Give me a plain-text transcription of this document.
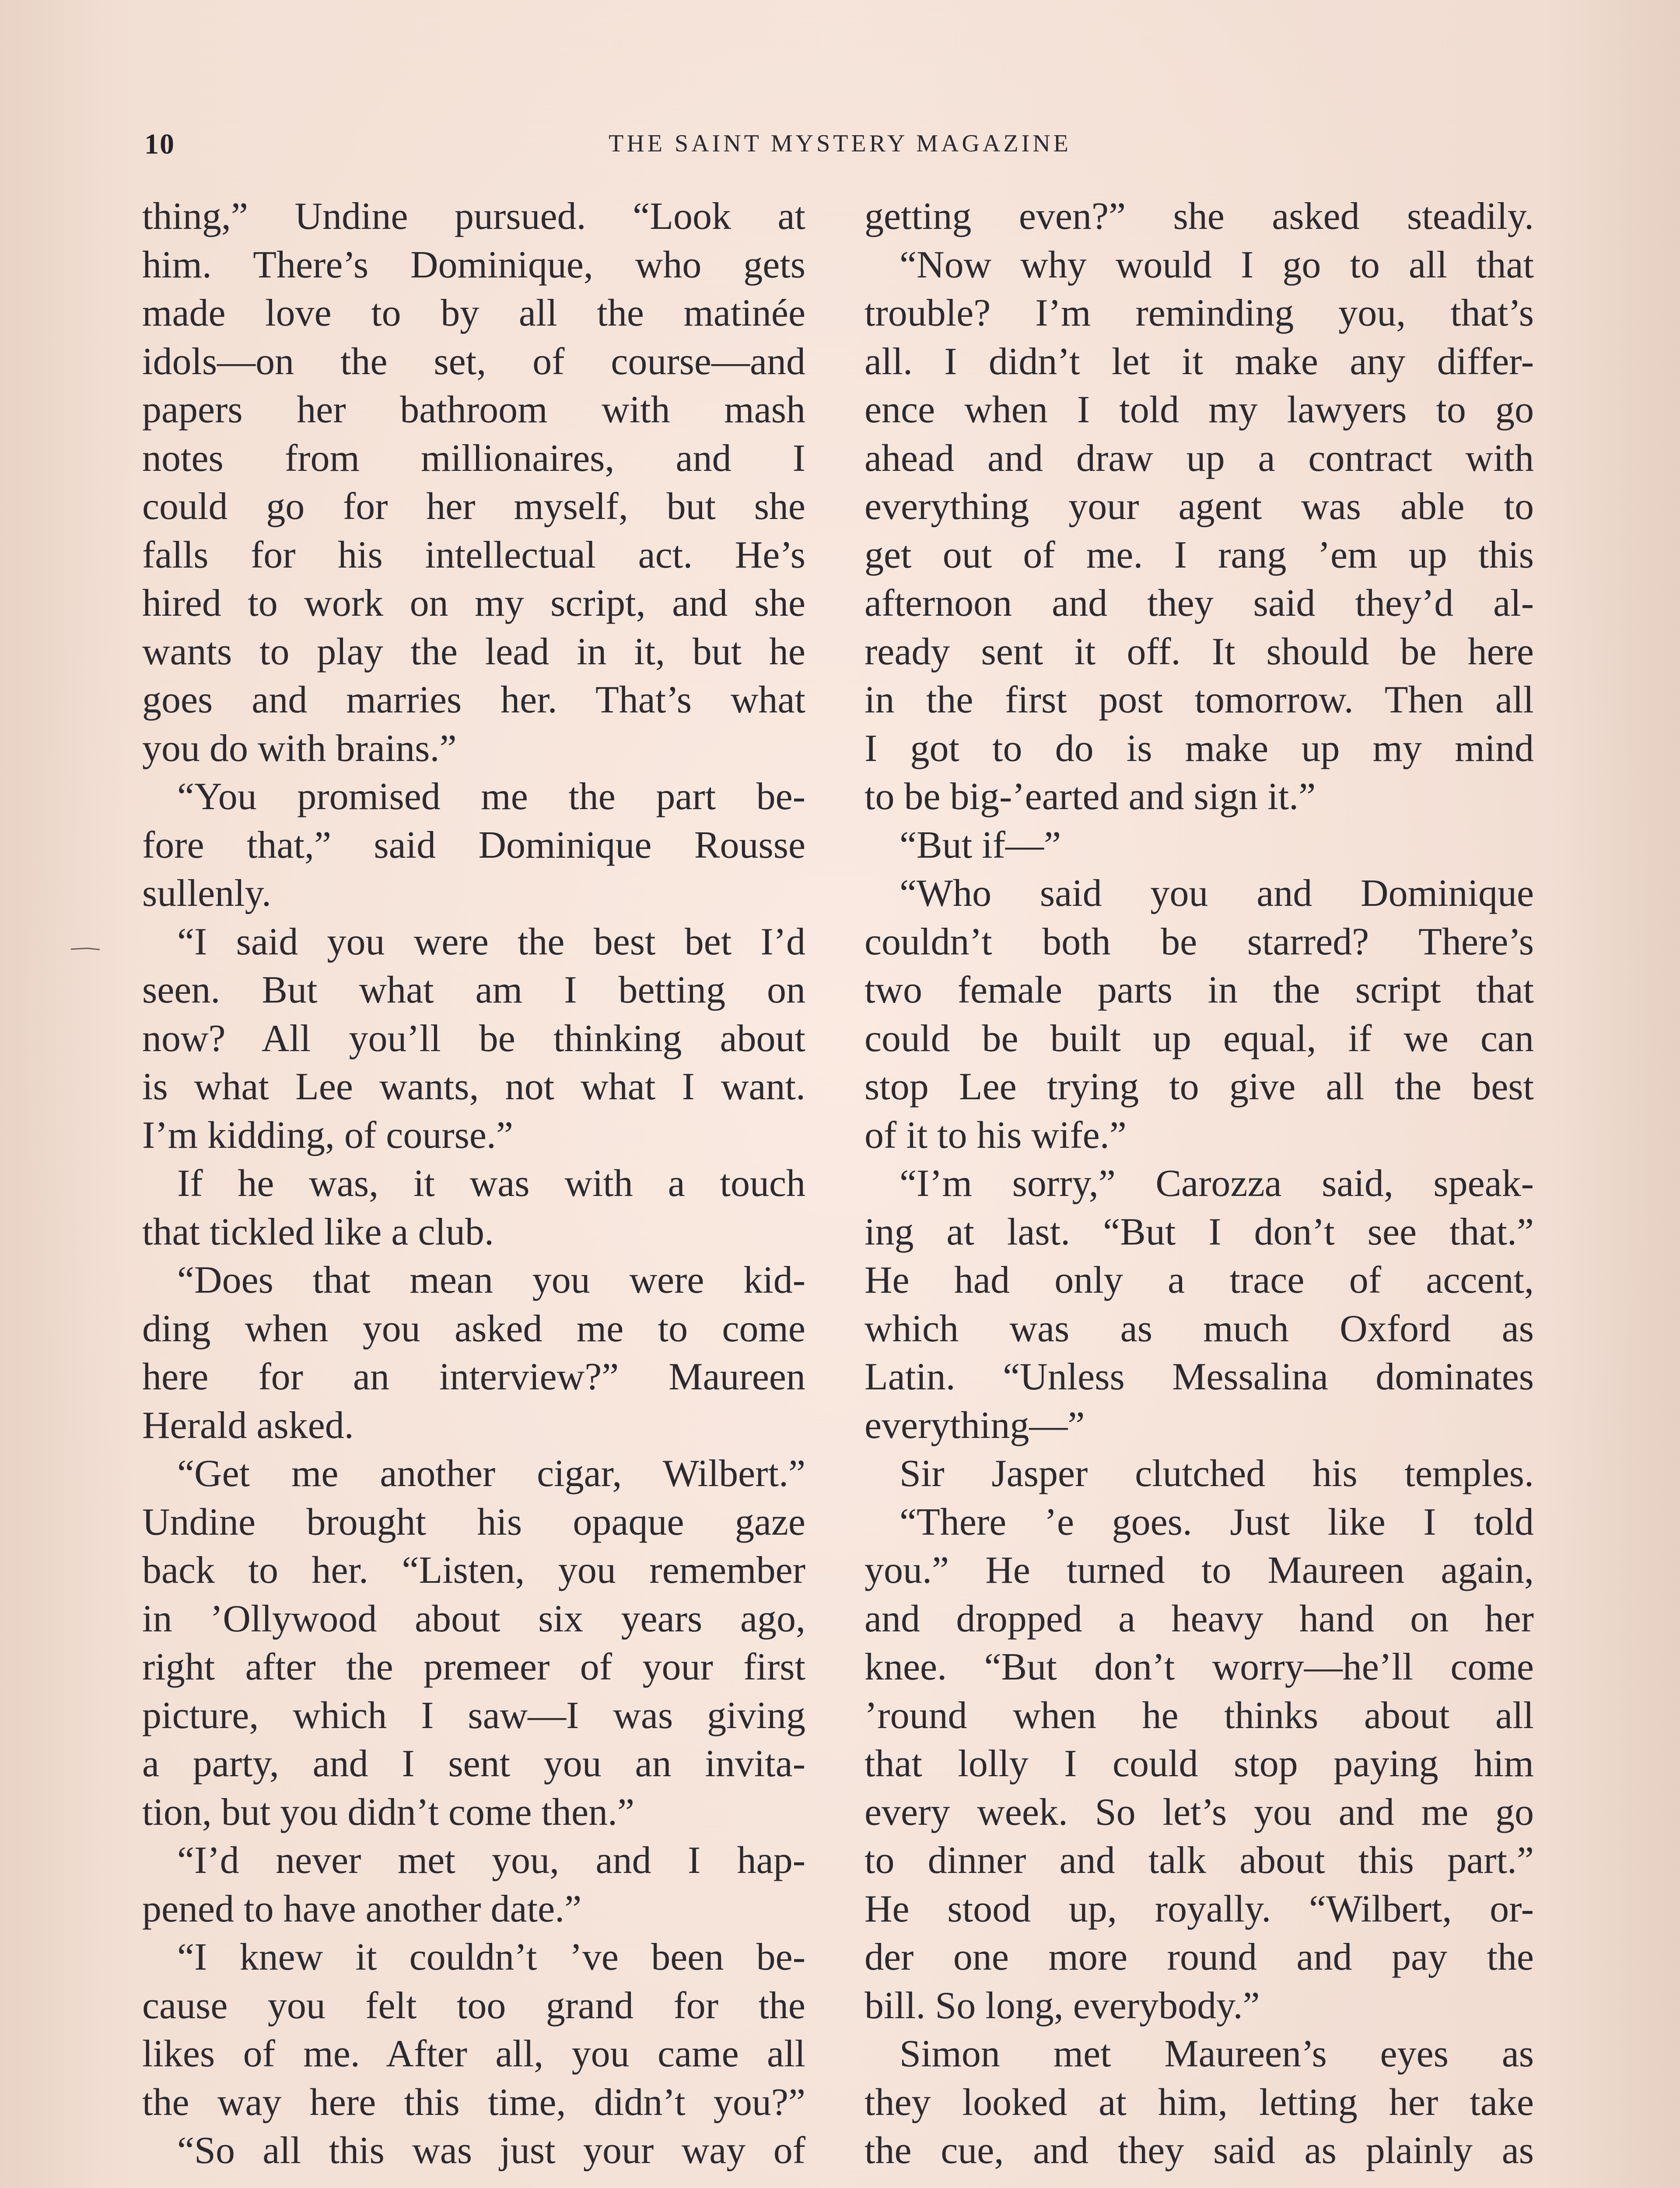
10	THE SAINT MYSTERY MAGAZINE
thing,” Undine pursued. “Look at
him. There’s Dominique, who gets
made love to by all the matinée
idols—on the set, of course—and
papers her bathroom with mash
notes from millionaires, and I
could go for her myself, but she
falls for his intellectual act. He’s
hired to work on my script, and she
wants to play the lead in it, but he
goes and marries her. That’s what
you do with brains.”
“You promised me the part be-
fore that,” said Dominique Rousse
sullenly.
“I said you were the best bet I’d
seen. But what am I betting on
now? All you’ll be thinking about
is what Lee wants, not what I want.
I’m kidding, of course.”
If he was, it was with a touch
that tickled like a club.
“Does that mean you were kid-
ding when you asked me to come
here for an interview?” Maureen
Herald asked.
“Get me another cigar, Wilbert.”
Undine brought his opaque gaze
back to her. “Listen, you remember
in ’Ollywood about six years ago,
right after the premeer of your first
picture, which I saw—I was giving
a party, and I sent you an invita-
tion, but you didn’t come then.”
“I’d never met you, and I hap-
pened to have another date.”
“I knew it couldn’t ’ve been be-
cause you felt too grand for the
likes of me. After all, you came all
the way here this time, didn’t you?”
“So all this was just your way of
getting even?” she asked steadily.
“Now why would I go to all that
trouble? I’m reminding you, that’s
all. I didn’t let it make any differ-
ence when I told my lawyers to go
ahead and draw up a contract with
everything your agent was able to
get out of me. I rang ’em up this
afternoon and they said they’d al-
ready sent it off. It should be here
in the first post tomorrow. Then all
I got to do is make up my mind
to be big-’earted and sign it.”
“But if—”
“Who said you and Dominique
couldn’t both be starred? There’s
two female parts in the script that
could be built up equal, if we can
stop Lee trying to give all the best
of it to his wife.”
“I’m sorry,” Carozza said, speak-
ing at last. “But I don’t see that.”
He had only a trace of accent,
which was as much Oxford as
Latin. “Unless Messalina dominates
everything—”
Sir Jasper clutched his temples.
“There ’e goes. Just like I told
you.” He turned to Maureen again,
and dropped a heavy hand on her
knee. “But don’t worry—he’ll come
’round when he thinks about all
that lolly I could stop paying him
every week. So let’s you and me go
to dinner and talk about this part.”
He stood up, royally. “Wilbert, or-
der one more round and pay the
bill. So long, everybody.”
Simon met Maureen’s eyes as
they looked at him, letting her take
the cue, and they said as plainly as
